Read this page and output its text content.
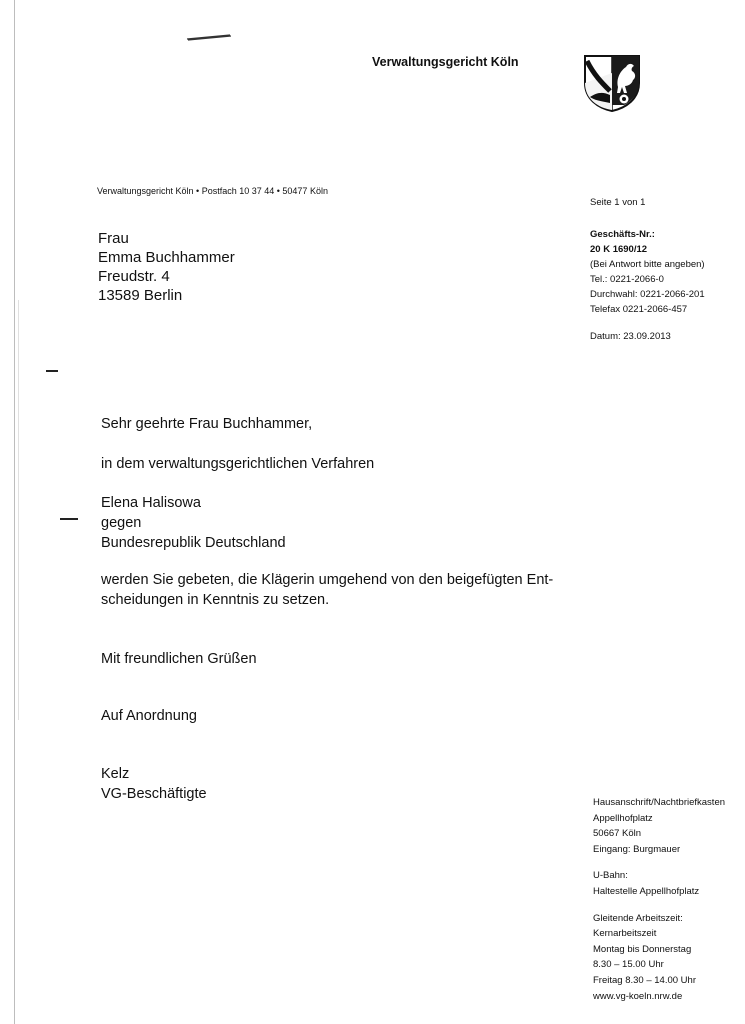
Verwaltungsgericht Köln
Verwaltungsgericht Köln • Postfach 10 37 44 • 50477 Köln
Frau
Emma Buchhammer
Freudstr. 4
13589 Berlin
Seite 1 von 1
Geschäfts-Nr.:
20 K 1690/12
(Bei Antwort bitte angeben)
Tel.: 0221-2066-0
Durchwahl: 0221-2066-201
Telefax 0221-2066-457
Datum: 23.09.2013
Sehr geehrte Frau Buchhammer,
in dem verwaltungsgerichtlichen Verfahren
Elena Halisowa
gegen
Bundesrepublik Deutschland
werden Sie gebeten, die Klägerin umgehend von den beigefügten Ent-
scheidungen in Kenntnis zu setzen.
Mit freundlichen Grüßen
Auf Anordnung
Kelz
VG-Beschäftigte
Hausanschrift/Nachtbriefkasten
Appellhofplatz
50667 Köln
Eingang: Burgmauer
U-Bahn:
Haltestelle Appellhofplatz
Gleitende Arbeitszeit:
Kernarbeitszeit
Montag bis Donnerstag
8.30 – 15.00 Uhr
Freitag 8.30 – 14.00 Uhr
www.vg-koeln.nrw.de
